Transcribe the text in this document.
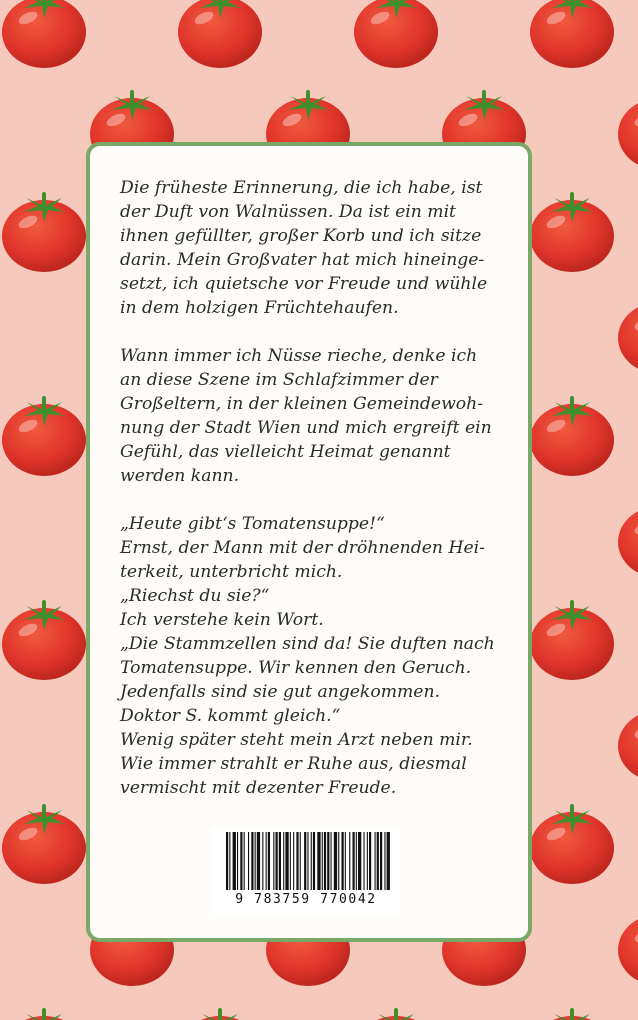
Die früheste Erinnerung, die ich habe, ist
der Duft von Walnüssen. Da ist ein mit
ihnen gefüllter, großer Korb und ich sitze
darin. Mein Großvater hat mich hineinge-
setzt, ich quietsche vor Freude und wühle
in dem holzigen Früchtehaufen.

Wann immer ich Nüsse rieche, denke ich
an diese Szene im Schlafzimmer der
Großeltern, in der kleinen Gemeindewoh-
nung der Stadt Wien und mich ergreift ein
Gefühl, das vielleicht Heimat genannt
werden kann.

„Heute gibt‘s Tomatensuppe!“
Ernst, der Mann mit der dröhnenden Hei-
terkeit, unterbricht mich.
„Riechst du sie?“
Ich verstehe kein Wort.
„Die Stammzellen sind da! Sie duften nach
Tomatensuppe. Wir kennen den Geruch.
Jedenfalls sind sie gut angekommen.
Doktor S. kommt gleich.“
Wenig später steht mein Arzt neben mir.
Wie immer strahlt er Ruhe aus, diesmal
vermischt mit dezenter Freude.

9 783759 770042
